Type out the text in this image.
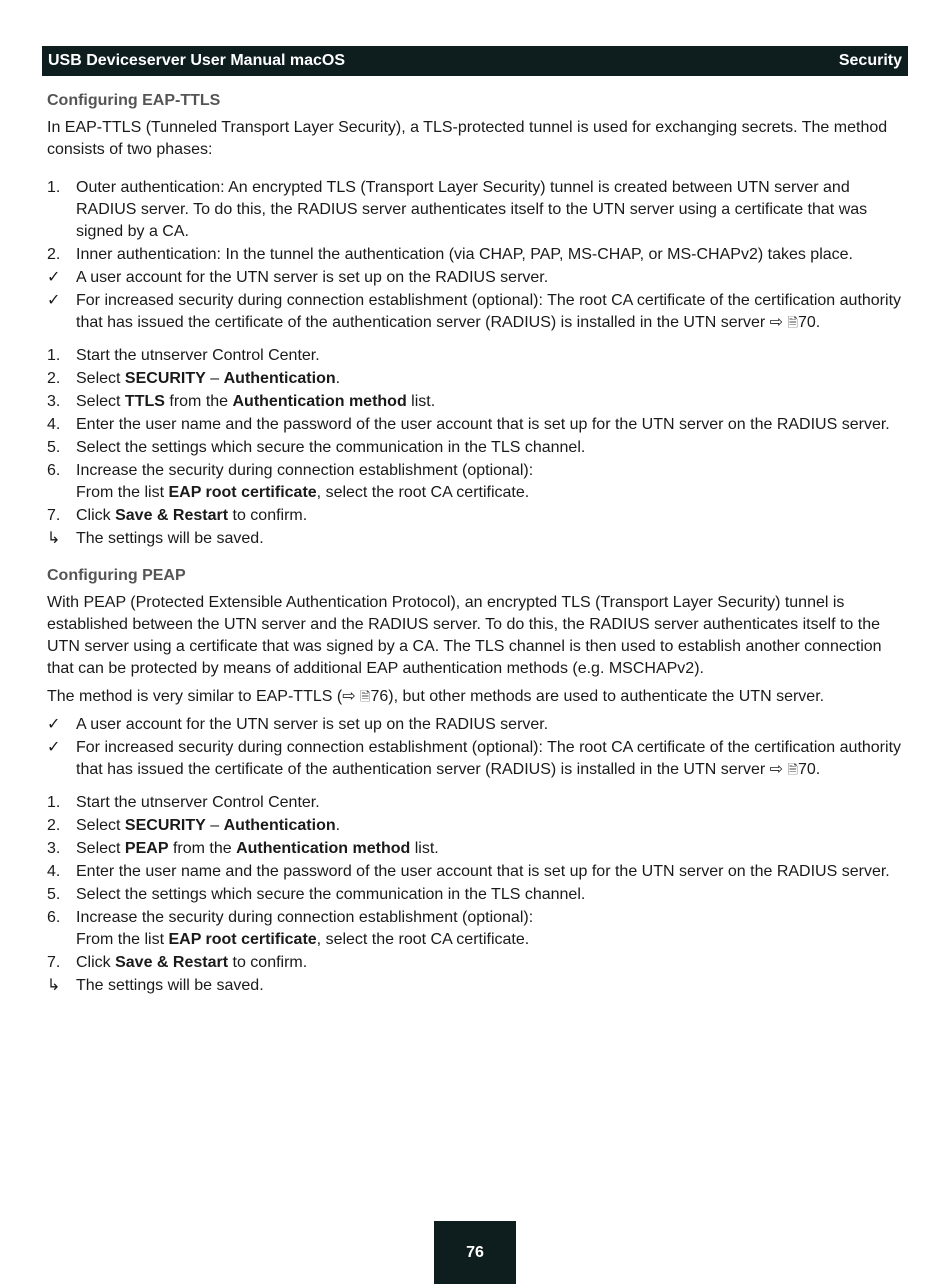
USB Deviceserver User Manual macOS	Security
Configuring EAP-TTLS

In EAP-TTLS (Tunneled Transport Layer Security), a TLS-protected tunnel is used for exchanging secrets. The method consists of two phases:

1. Outer authentication: An encrypted TLS (Transport Layer Security) tunnel is created between UTN server and RADIUS server. To do this, the RADIUS server authenticates itself to the UTN server using a certificate that was signed by a CA.
2. Inner authentication: In the tunnel the authentication (via CHAP, PAP, MS-CHAP, or MS-CHAPv2) takes place.
✓ A user account for the UTN server is set up on the RADIUS server.
✓ For increased security during connection establishment (optional): The root CA certificate of the certification authority that has issued the certificate of the authentication server (RADIUS) is installed in the UTN server ⇨ 🗎70.
1. Start the utnserver Control Center.
2. Select SECURITY – Authentication.
3. Select TTLS from the Authentication method list.
4. Enter the user name and the password of the user account that is set up for the UTN server on the RADIUS server.
5. Select the settings which secure the communication in the TLS channel.
6. Increase the security during connection establishment (optional):
From the list EAP root certificate, select the root CA certificate.
7. Click Save & Restart to confirm.
↳ The settings will be saved.
Configuring PEAP

With PEAP (Protected Extensible Authentication Protocol), an encrypted TLS (Transport Layer Security) tunnel is established between the UTN server and the RADIUS server. To do this, the RADIUS server authenticates itself to the UTN server using a certificate that was signed by a CA. The TLS channel is then used to establish another connection that can be protected by means of additional EAP authentication methods (e.g. MSCHAPv2).

The method is very similar to EAP-TTLS (⇨ 🗎76), but other methods are used to authenticate the UTN server.

✓ A user account for the UTN server is set up on the RADIUS server.
✓ For increased security during connection establishment (optional): The root CA certificate of the certification authority that has issued the certificate of the authentication server (RADIUS) is installed in the UTN server ⇨ 🗎70.
1. Start the utnserver Control Center.
2. Select SECURITY – Authentication.
3. Select PEAP from the Authentication method list.
4. Enter the user name and the password of the user account that is set up for the UTN server on the RADIUS server.
5. Select the settings which secure the communication in the TLS channel.
6. Increase the security during connection establishment (optional):
From the list EAP root certificate, select the root CA certificate.
7. Click Save & Restart to confirm.
↳ The settings will be saved.
76
